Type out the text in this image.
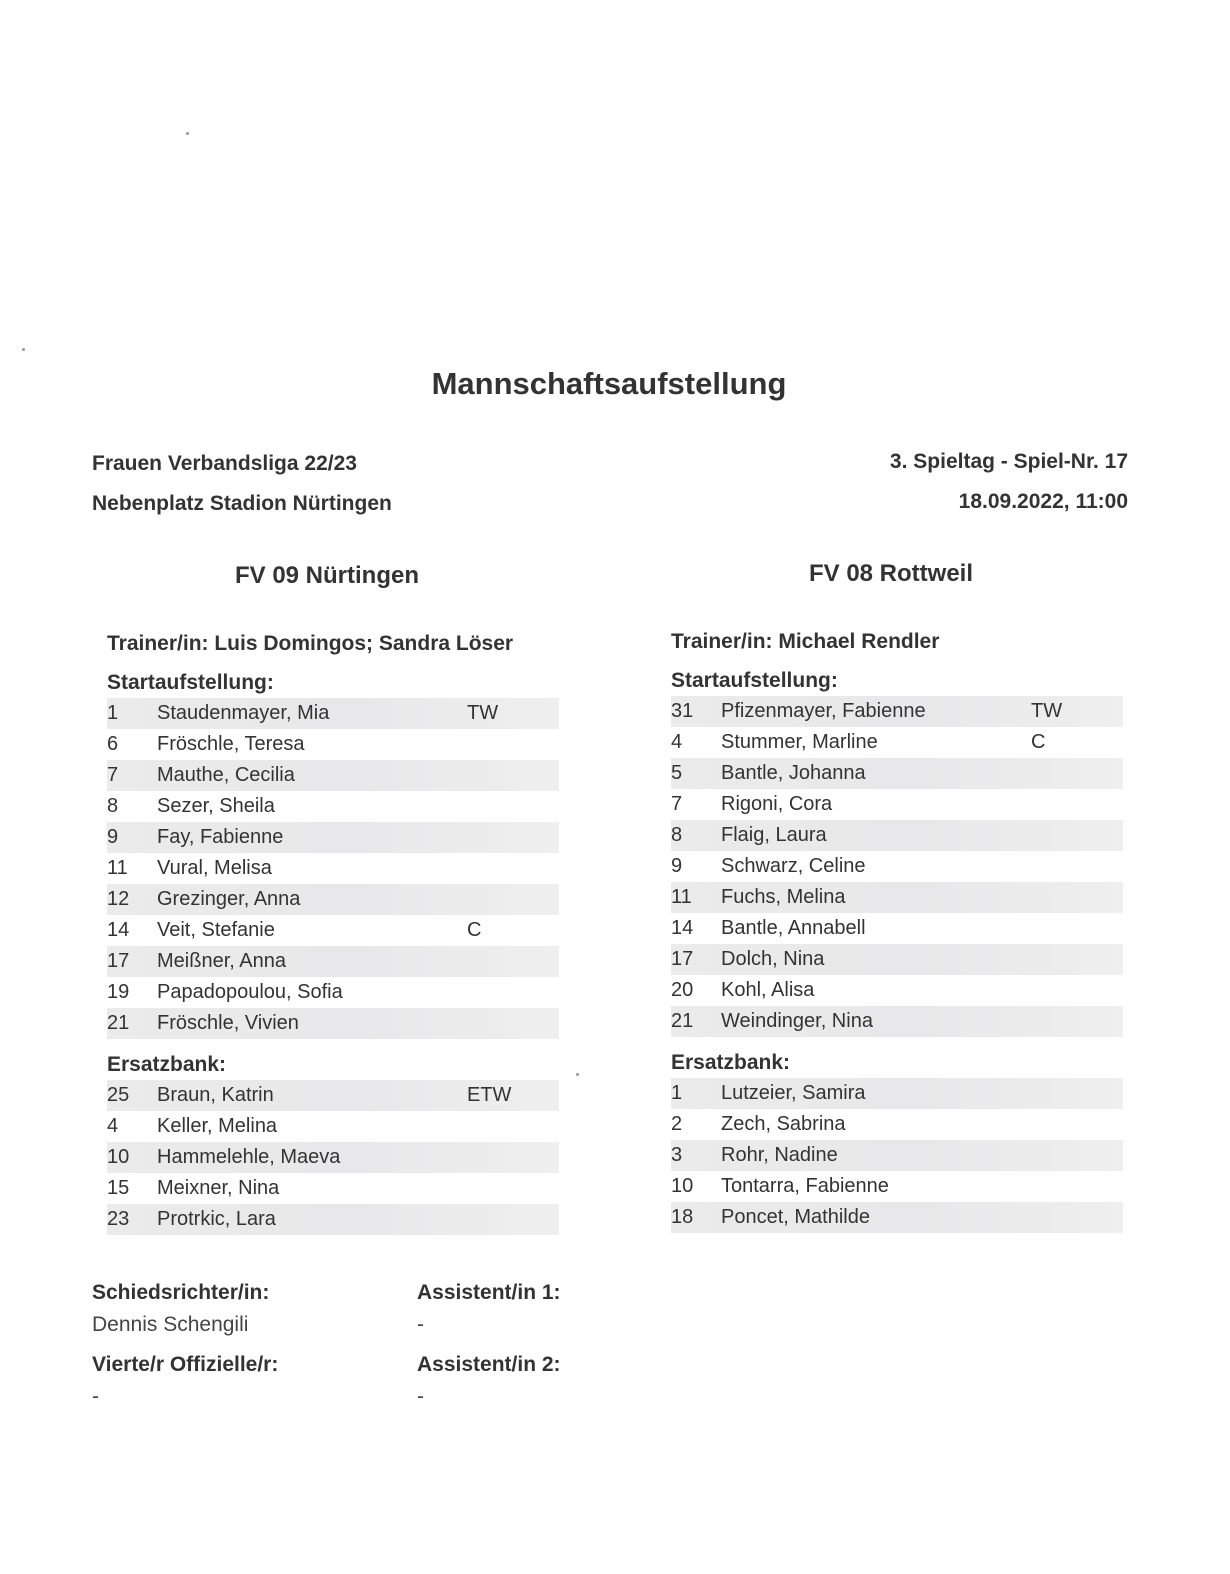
Mannschaftsaufstellung
Frauen Verbandsliga 22/23
Nebenplatz Stadion Nürtingen
3. Spieltag - Spiel-Nr. 17
18.09.2022, 11:00
FV 09 Nürtingen	FV 08 Rottweil
Trainer/in: Luis Domingos; Sandra Löser
Startaufstellung:
1	Staudenmayer, Mia	TW
6	Fröschle, Teresa
7	Mauthe, Cecilia
8	Sezer, Sheila
9	Fay, Fabienne
11	Vural, Melisa
12	Grezinger, Anna
14	Veit, Stefanie	C
17	Meißner, Anna
19	Papadopoulou, Sofia
21	Fröschle, Vivien
Ersatzbank:
25	Braun, Katrin	ETW
4	Keller, Melina
10	Hammelehle, Maeva
15	Meixner, Nina
23	Protrkic, Lara
Trainer/in: Michael Rendler
Startaufstellung:
31	Pfizenmayer, Fabienne	TW
4	Stummer, Marline	C
5	Bantle, Johanna
7	Rigoni, Cora
8	Flaig, Laura
9	Schwarz, Celine
11	Fuchs, Melina
14	Bantle, Annabell
17	Dolch, Nina
20	Kohl, Alisa
21	Weindinger, Nina
Ersatzbank:
1	Lutzeier, Samira
2	Zech, Sabrina
3	Rohr, Nadine
10	Tontarra, Fabienne
18	Poncet, Mathilde
Schiedsrichter/in:
Dennis Schengili
Assistent/in 1:
-
Vierte/r Offizielle/r:
-
Assistent/in 2:
-
